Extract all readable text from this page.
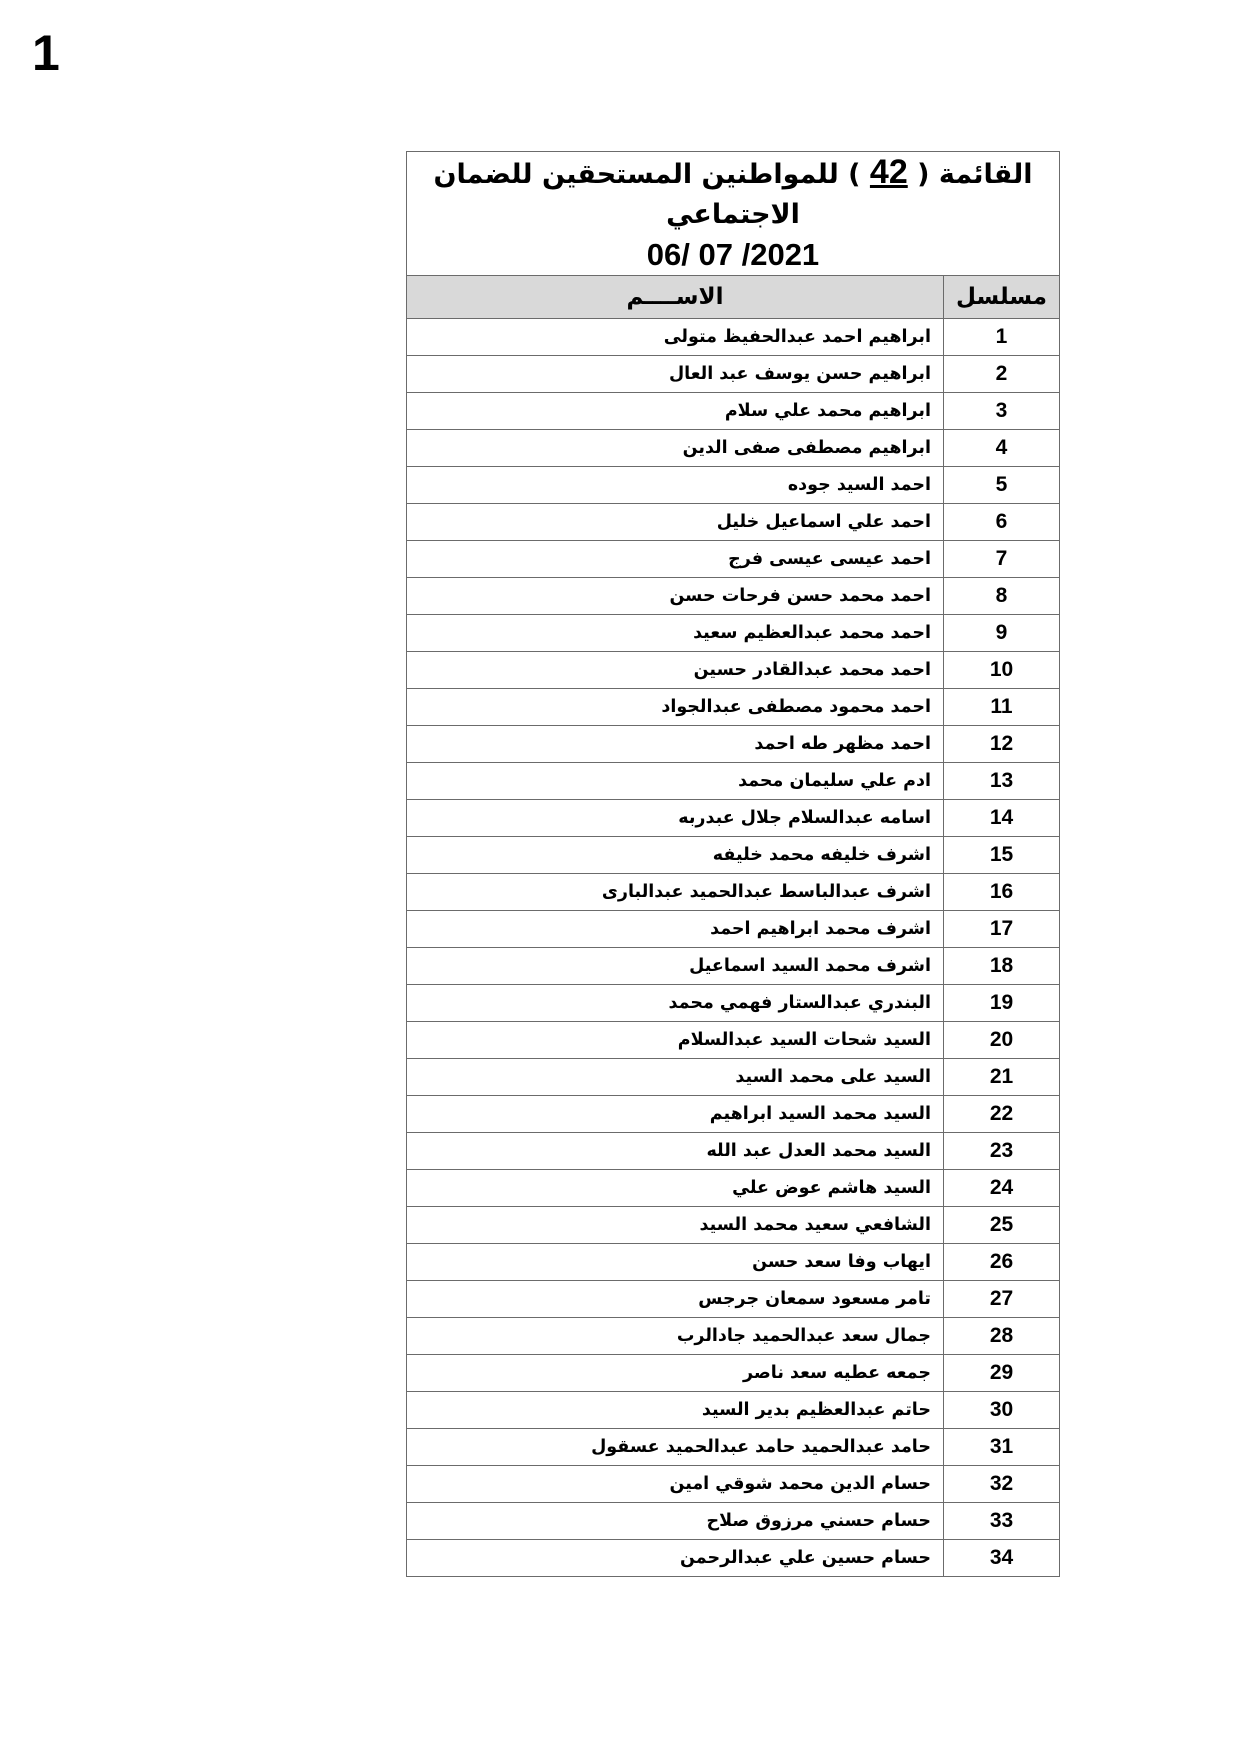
1
القائمة ( 42 ) للمواطنين المستحقين للضمان الاجتماعي
06/ 07 /2021	

مسلسل	الاســــم
1	ابراهيم احمد عبدالحفيظ متولى
2	ابراهيم حسن يوسف عبد العال
3	ابراهيم محمد علي سلام
4	ابراهيم مصطفى صفى الدين
5	احمد السيد جوده
6	احمد علي اسماعيل خليل
7	احمد عيسى عيسى فرج
8	احمد محمد حسن فرحات حسن
9	احمد محمد عبدالعظيم سعيد
10	احمد محمد عبدالقادر حسين
11	احمد محمود مصطفى عبدالجواد
12	احمد مظهر طه احمد
13	ادم علي سليمان محمد
14	اسامه عبدالسلام جلال عبدربه
15	اشرف خليفه محمد خليفه
16	اشرف عبدالباسط عبدالحميد عبدالبارى
17	اشرف محمد ابراهيم احمد
18	اشرف محمد السيد اسماعيل
19	البندري عبدالستار فهمي محمد
20	السيد شحات السيد عبدالسلام
21	السيد على محمد السيد
22	السيد محمد السيد ابراهيم
23	السيد محمد العدل عبد الله
24	السيد هاشم عوض علي
25	الشافعي سعيد محمد السيد
26	ايهاب وفا سعد حسن
27	تامر مسعود سمعان جرجس
28	جمال سعد عبدالحميد جادالرب
29	جمعه عطيه سعد ناصر
30	حاتم عبدالعظيم بدير السيد
31	حامد عبدالحميد حامد عبدالحميد عسقول
32	حسام الدين محمد شوقي امين
33	حسام حسني مرزوق صلاح
34	حسام حسين علي عبدالرحمن
